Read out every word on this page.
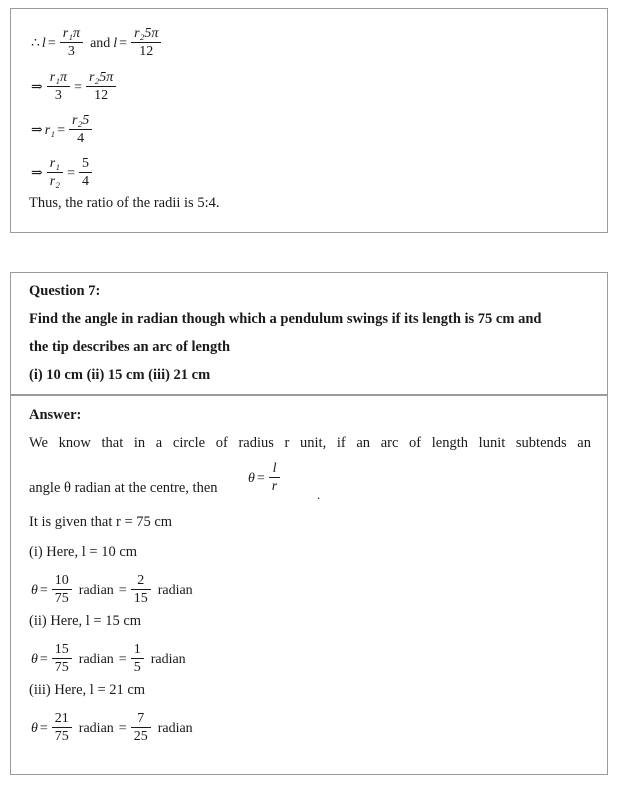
∴ $l = \frac{\text{r₁π}}{3}$ and $l = \frac{\text{r₂5π}}{12}$
⇒ $\frac{\text{r₁π}}{3} = \frac{\text{r₂5π}}{12}$
⇒ $r_1 = \frac{\text{r₂5}}{4}$
⇒ $\frac{\text{r₁}}{\text{r₂}} = \frac{5}{4}$
Thus, the ratio of the radii is 5:4.
Question 7:
Find the angle in radian though which a pendulum swings if its length is 75 cm and
the tip describes an arc of length
(i) 10 cm (ii) 15 cm (iii) 21 cm
Answer:
We know that in a circle of radius r unit, if an arc of length lunit subtends an
angle θ radian at the centre, then
$\theta = \frac{l}{r}$
.
It is given that r = 75 cm
(i) Here, l = 10 cm
$\theta = \frac{10}{75}$ radian = $\frac{2}{15}$ radian
(ii) Here, l = 15 cm
$\theta = \frac{15}{75}$ radian = $\frac{1}{5}$ radian
(iii) Here, l = 21 cm
$\theta = \frac{21}{75}$ radian = $\frac{7}{25}$ radian
